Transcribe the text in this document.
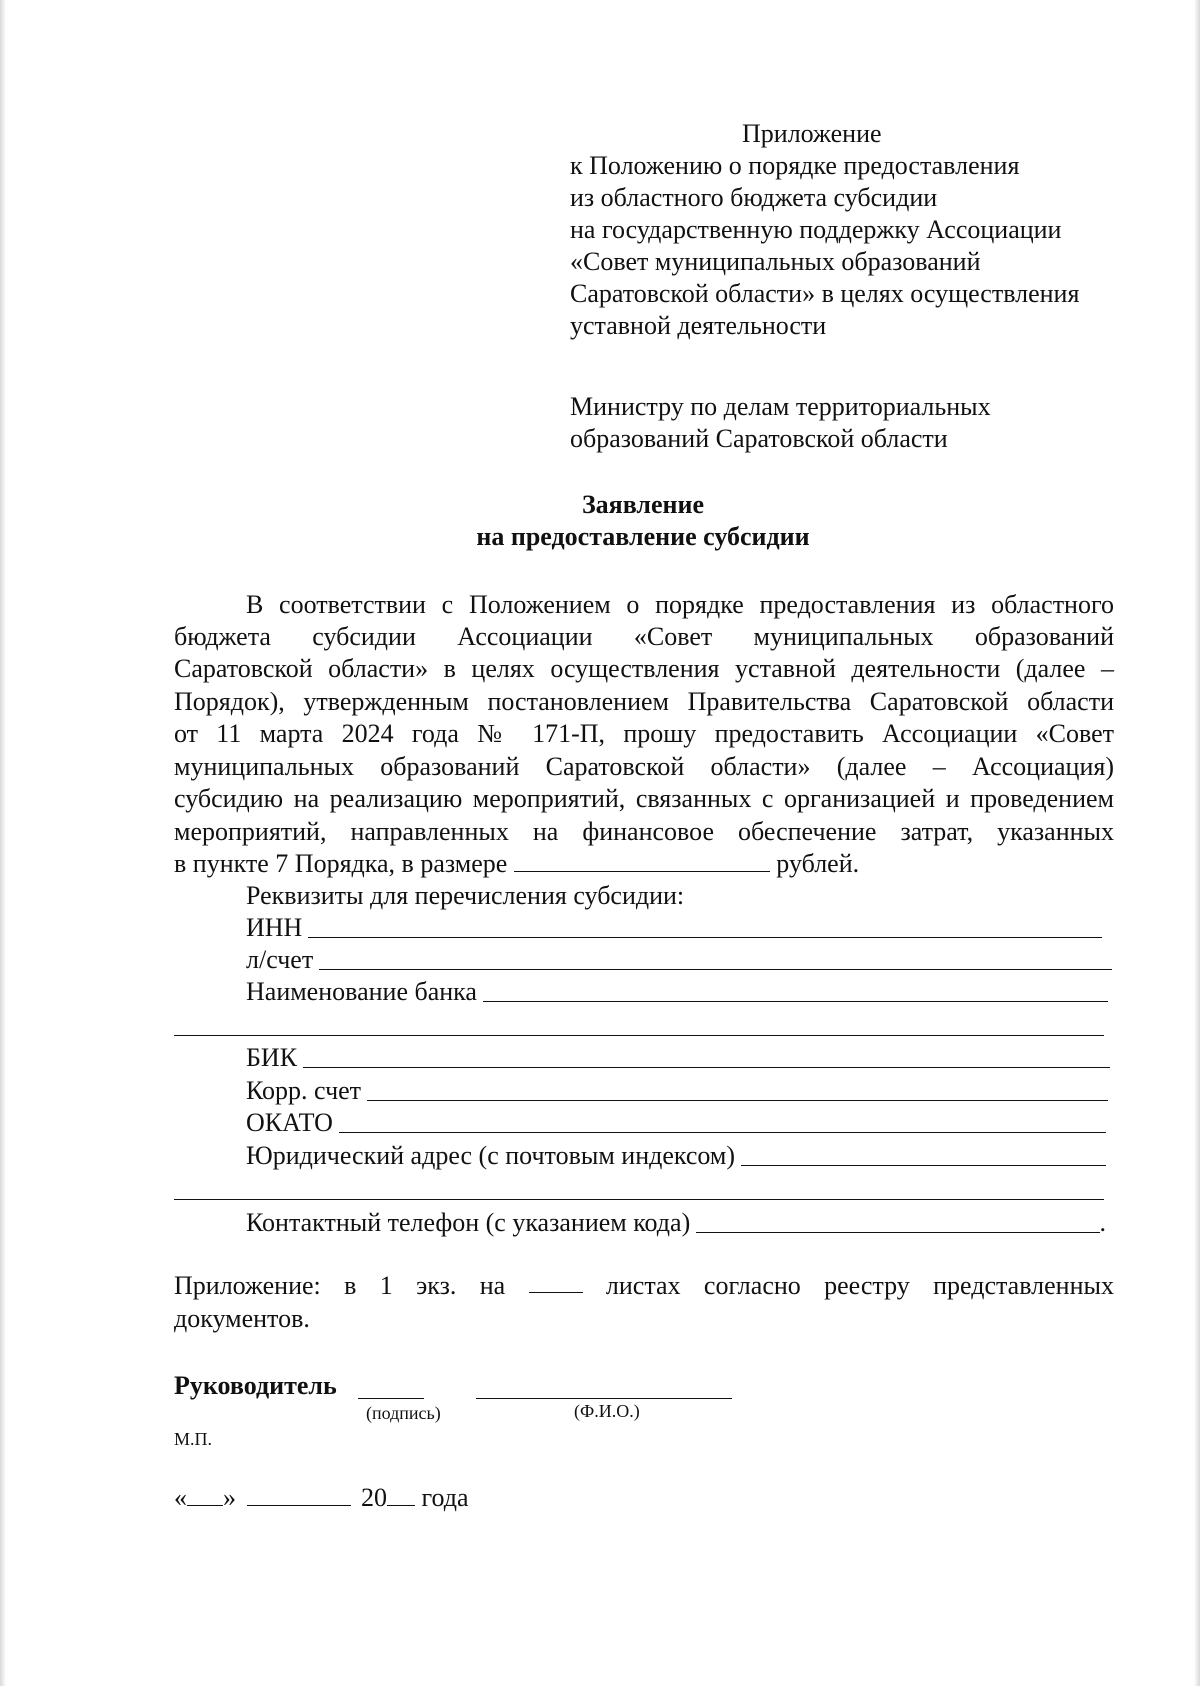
Приложение
к Положению о порядке предоставления
из областного бюджета субсидии
на государственную поддержку Ассоциации
«Совет муниципальных образований
Саратовской области» в целях осуществления
уставной деятельности
Министру по делам территориальных
образований Саратовской области
Заявление
на предоставление субсидии
В соответствии с Положением о порядке предоставления из областного
бюджета субсидии Ассоциации «Совет муниципальных образований
Саратовской области» в целях осуществления уставной деятельности (далее –
Порядок), утвержденным постановлением Правительства Саратовской области
от 11 марта 2024 года № 171-П, прошу предоставить Ассоциации «Совет
муниципальных образований Саратовской области» (далее – Ассоциация)
субсидию на реализацию мероприятий, связанных с организацией и проведением
мероприятий, направленных на финансовое обеспечение затрат, указанных
в пункте 7 Порядка, в размере	рублей.
Реквизиты для перечисления субсидии:
ИНН
л/счет
Наименование банка
БИК
Корр. счет
ОКАТО
Юридический адрес (с почтовым индексом)
Контактный телефон (с указанием кода)	.
Приложение: в 1 экз. на	листах согласно реестру представленных
документов.
Руководитель
(подпись)	(Ф.И.О.)
М.П.
« »	20 года
